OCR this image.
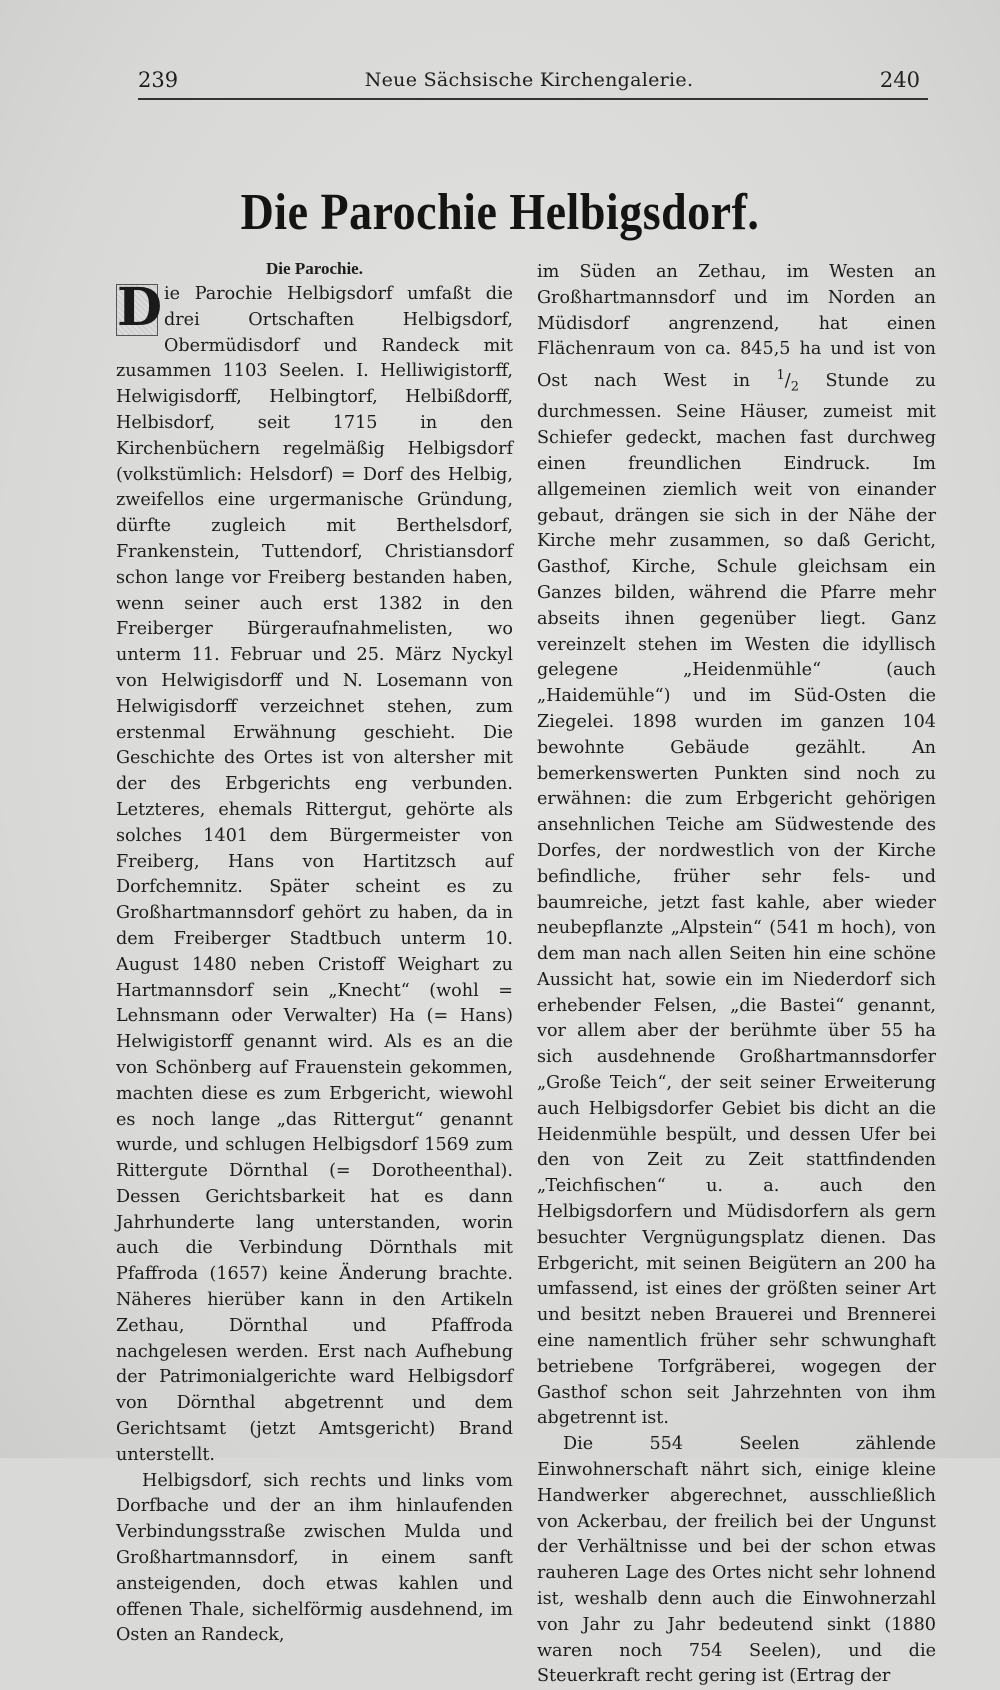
239	Neue Sächsische Kirchengalerie.	240
Die Parochie Helbigsdorf.
Die Parochie.

D ie Parochie Helbigsdorf umfaßt die drei Ortschaften Helbigsdorf, Obermüdisdorf und Randeck mit zusammen 1103 Seelen. I. Helliwigistorff, Helwigisdorff, Helbingtorf, Helbißdorff, Helbisdorf, seit 1715 in den Kirchenbüchern regelmäßig Helbigsdorf (volkstümlich: Helsdorf) = Dorf des Helbig, zweifellos eine urgermanische Gründung, dürfte zugleich mit Berthelsdorf, Frankenstein, Tuttendorf, Christiansdorf schon lange vor Freiberg bestanden haben, wenn seiner auch erst 1382 in den Freiberger Bürgeraufnahmelisten, wo unterm 11. Februar und 25. März Nyckyl von Helwigisdorff und N. Losemann von Helwigisdorff verzeichnet stehen, zum erstenmal Erwähnung geschieht. Die Geschichte des Ortes ist von altersher mit der des Erbgerichts eng verbunden. Letzteres, ehemals Rittergut, gehörte als solches 1401 dem Bürgermeister von Freiberg, Hans von Hartitzsch auf Dorfchemnitz. Später scheint es zu Großhartmannsdorf gehört zu haben, da in dem Freiberger Stadtbuch unterm 10. August 1480 neben Cristoff Weighart zu Hartmannsdorf sein „Knecht“ (wohl = Lehnsmann oder Verwalter) Ha (= Hans) Helwigistorff genannt wird. Als es an die von Schönberg auf Frauenstein gekommen, machten diese es zum Erbgericht, wiewohl es noch lange „das Rittergut“ genannt wurde, und schlugen Helbigsdorf 1569 zum Rittergute Dörnthal (= Dorotheenthal). Dessen Gerichtsbarkeit hat es dann Jahrhunderte lang unterstanden, worin auch die Verbindung Dörnthals mit Pfaffroda (1657) keine Änderung brachte. Näheres hierüber kann in den Artikeln Zethau, Dörnthal und Pfaffroda nachgelesen werden. Erst nach Aufhebung der Patrimonialgerichte ward Helbigsdorf von Dörnthal abgetrennt und dem Gerichtsamt (jetzt Amtsgericht) Brand unterstellt.

Helbigsdorf, sich rechts und links vom Dorfbache und der an ihm hinlaufenden Verbindungsstraße zwischen Mulda und Großhartmannsdorf, in einem sanft ansteigenden, doch etwas kahlen und offenen Thale, sichelförmig ausdehnend, im Osten an Randeck,

im Süden an Zethau, im Westen an Großhartmannsdorf und im Norden an Müdisdorf angrenzend, hat einen Flächenraum von ca. 845,5 ha und ist von Ost nach West in $^1/_2$ Stunde zu durchmessen. Seine Häuser, zumeist mit Schiefer gedeckt, machen fast durchweg einen freundlichen Eindruck. Im allgemeinen ziemlich weit von einander gebaut, drängen sie sich in der Nähe der Kirche mehr zusammen, so daß Gericht, Gasthof, Kirche, Schule gleichsam ein Ganzes bilden, während die Pfarre mehr abseits ihnen gegenüber liegt. Ganz vereinzelt stehen im Westen die idyllisch gelegene „Heidenmühle“ (auch „Haidemühle“) und im Süd-Osten die Ziegelei. 1898 wurden im ganzen 104 bewohnte Gebäude gezählt. An bemerkenswerten Punkten sind noch zu erwähnen: die zum Erbgericht gehörigen ansehnlichen Teiche am Südwestende des Dorfes, der nordwestlich von der Kirche befindliche, früher sehr fels- und baumreiche, jetzt fast kahle, aber wieder neubepflanzte „Alpstein“ (541 m hoch), von dem man nach allen Seiten hin eine schöne Aussicht hat, sowie ein im Niederdorf sich erhebender Felsen, „die Bastei“ genannt, vor allem aber der berühmte über 55 ha sich ausdehnende Großhartmannsdorfer „Große Teich“, der seit seiner Erweiterung auch Helbigsdorfer Gebiet bis dicht an die Heidenmühle bespült, und dessen Ufer bei den von Zeit zu Zeit stattfindenden „Teichfischen“ u. a. auch den Helbigsdorfern und Müdisdorfern als gern besuchter Vergnügungsplatz dienen. Das Erbgericht, mit seinen Beigütern an 200 ha umfassend, ist eines der größten seiner Art und besitzt neben Brauerei und Brennerei eine namentlich früher sehr schwunghaft betriebene Torfgräberei, wogegen der Gasthof schon seit Jahrzehnten von ihm abgetrennt ist.

Die 554 Seelen zählende Einwohnerschaft nährt sich, einige kleine Handwerker abgerechnet, ausschließlich von Ackerbau, der freilich bei der Ungunst der Verhältnisse und bei der schon etwas rauheren Lage des Ortes nicht sehr lohnend ist, weshalb denn auch die Einwohnerzahl von Jahr zu Jahr bedeutend sinkt (1880 waren noch 754 Seelen), und die Steuerkraft recht gering ist (Ertrag der
